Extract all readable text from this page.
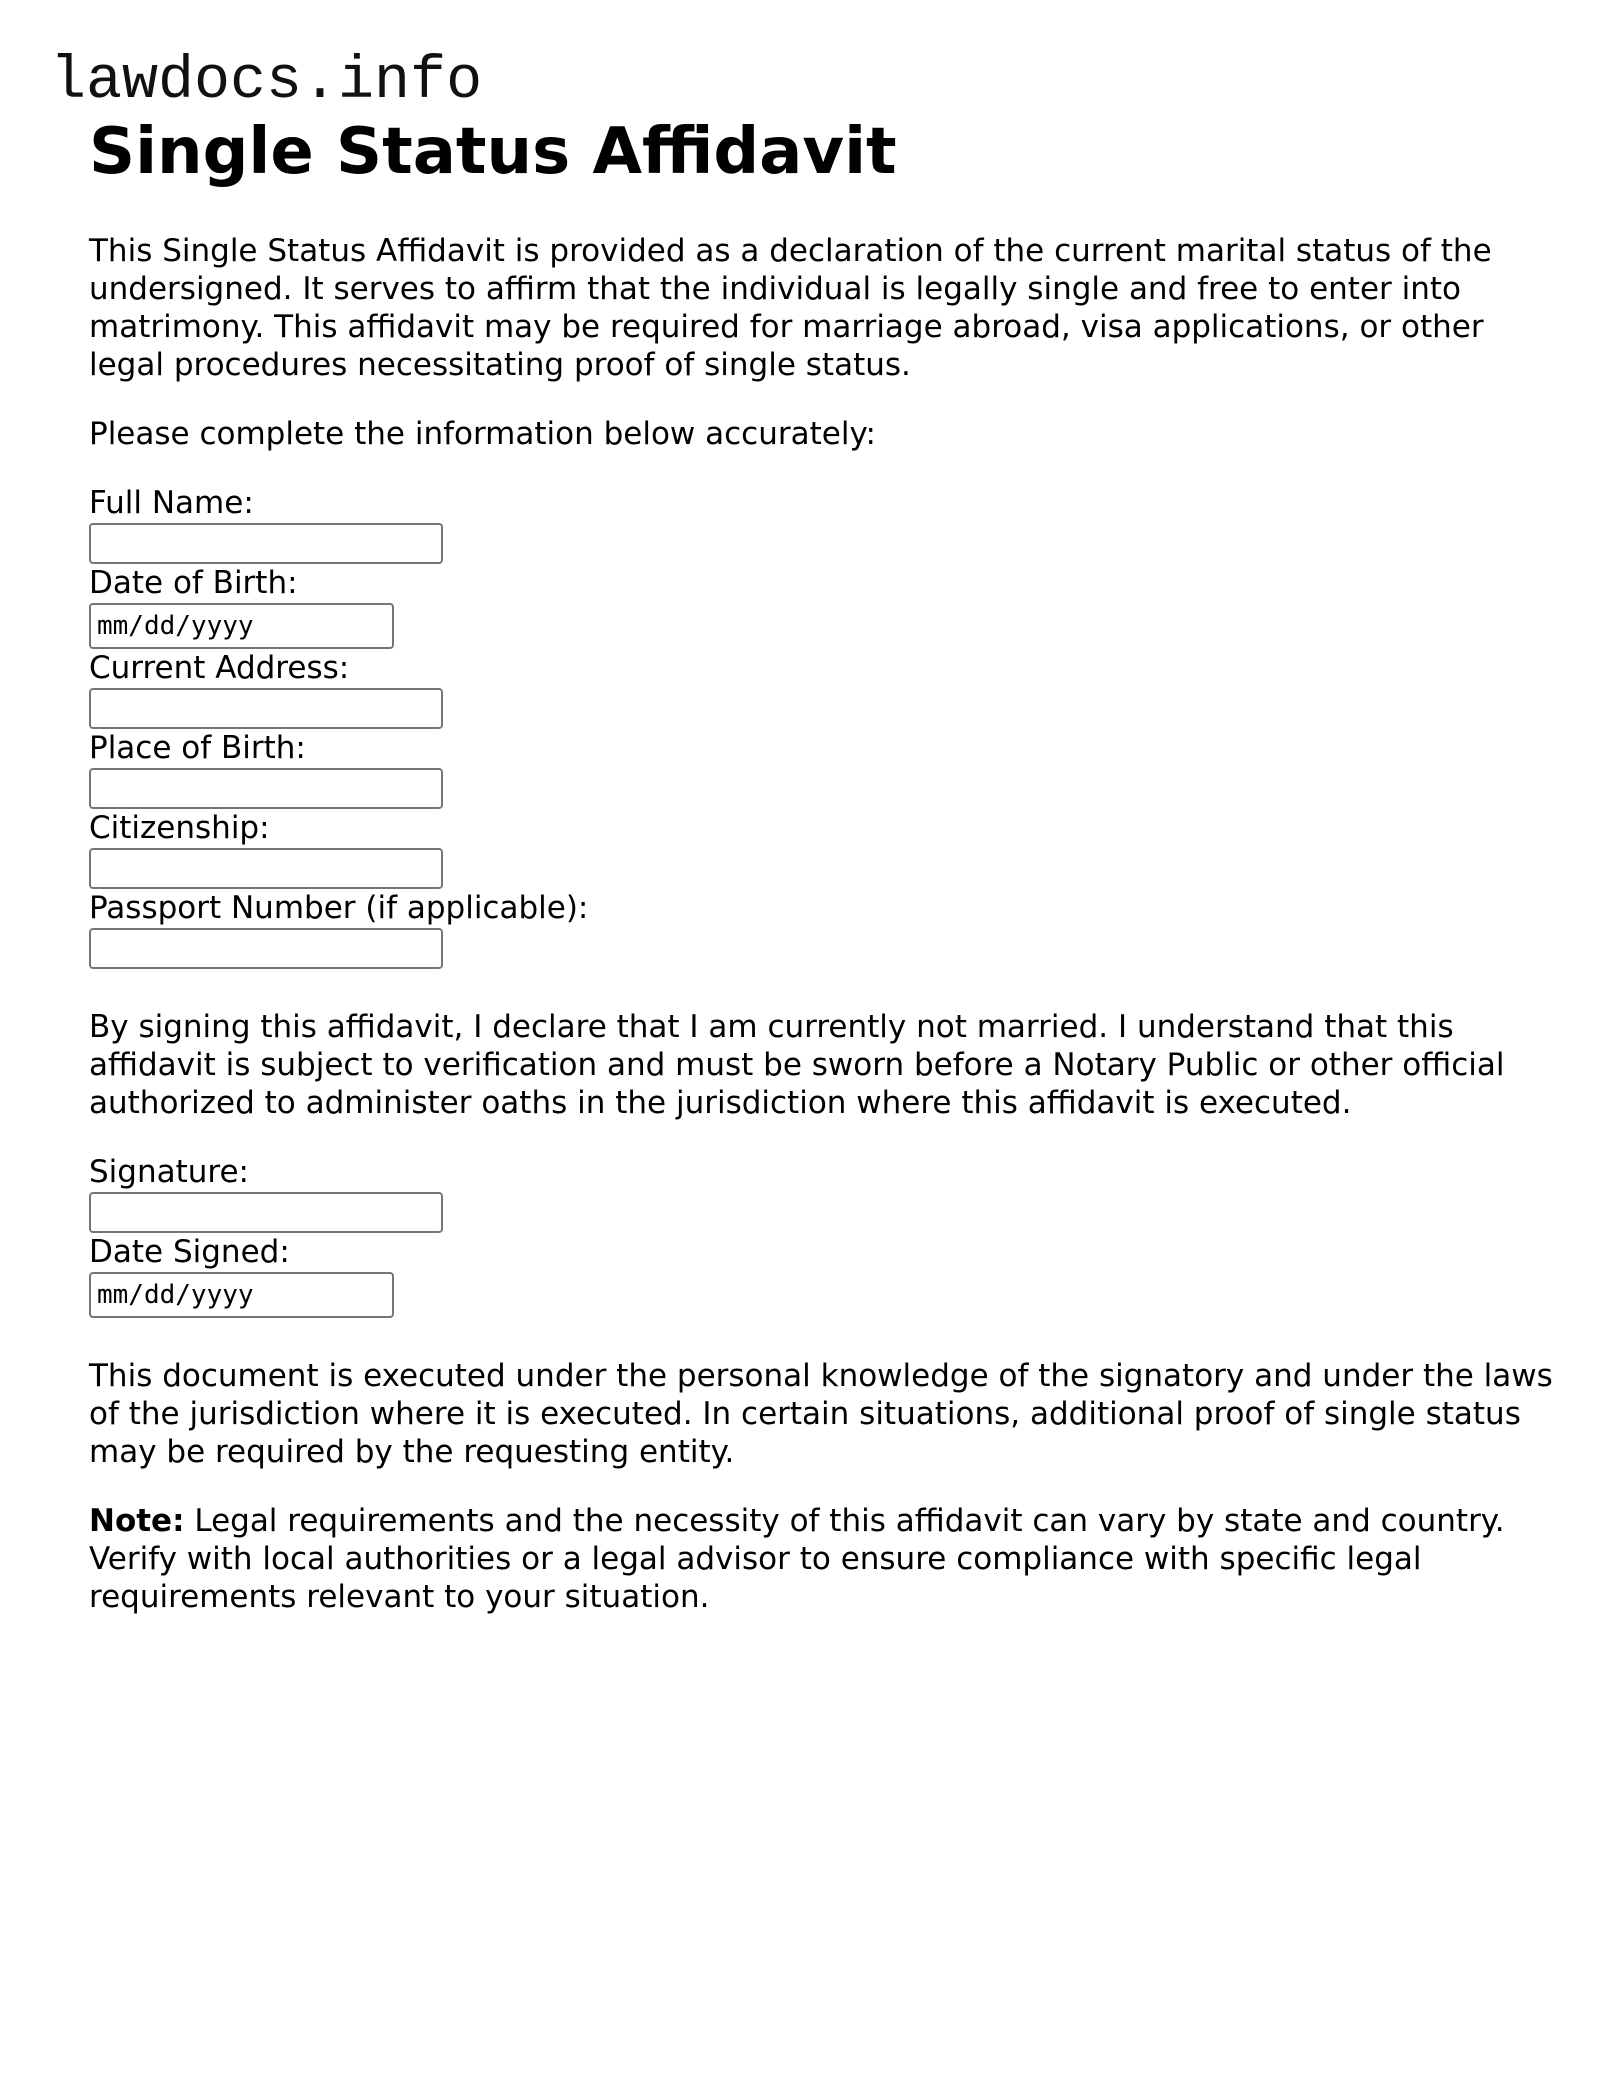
lawdocs.info
Single Status Affidavit

This Single Status Affidavit is provided as a declaration of the current marital status of the undersigned. It serves to affirm that the individual is legally single and free to enter into matrimony. This affidavit may be required for marriage abroad, visa applications, or other legal procedures necessitating proof of single status.

Please complete the information below accurately:

Full Name:
Date of Birth:
mm/dd/yyyy
Current Address:
Place of Birth:
Citizenship:
Passport Number (if applicable):

By signing this affidavit, I declare that I am currently not married. I understand that this affidavit is subject to verification and must be sworn before a Notary Public or other official authorized to administer oaths in the jurisdiction where this affidavit is executed.

Signature:
Date Signed:
mm/dd/yyyy

This document is executed under the personal knowledge of the signatory and under the laws of the jurisdiction where it is executed. In certain situations, additional proof of single status may be required by the requesting entity.

Note: Legal requirements and the necessity of this affidavit can vary by state and country. Verify with local authorities or a legal advisor to ensure compliance with specific legal requirements relevant to your situation.
